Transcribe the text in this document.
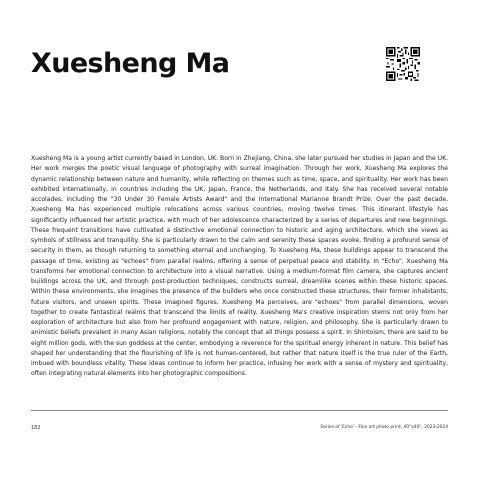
Xuesheng Ma

Xuesheng Ma is a young artist currently based in London, UK. Born in Zhejiang, China, she later pursued her studies in Japan and the UK. Her work merges the poetic visual language of photography with surreal imagination. Through her work, Xuesheng Ma explores the dynamic relationship between nature and humanity, while reflecting on themes such as time, space, and spirituality. Her work has been exhibited internationally, in countries including the UK, Japan, France, the Netherlands, and Italy. She has received several notable accolades, including the "30 Under 30 Female Artists Award" and the International Marianne Brandt Prize. Over the past decade, Xuesheng Ma has experienced multiple relocations across various countries, moving twelve times. This itinerant lifestyle has significantly influenced her artistic practice, with much of her adolescence characterized by a series of departures and new beginnings. These frequent transitions have cultivated a distinctive emotional connection to historic and aging architecture, which she views as symbols of stillness and tranquility. She is particularly drawn to the calm and serenity these spaces evoke, finding a profound sense of security in them, as though returning to something eternal and unchanging. To Xuesheng Ma, these buildings appear to transcend the passage of time, existing as "echoes" from parallel realms, offering a sense of perpetual peace and stability. In "Echo", Xuesheng Ma transforms her emotional connection to architecture into a visual narrative. Using a medium-format film camera, she captures ancient buildings across the UK, and through post-production techniques, constructs surreal, dreamlike scenes within these historic spaces. Within these environments, she imagines the presence of the builders who once constructed these structures, their former inhabitants, future visitors, and unseen spirits. These imagined figures, Xuesheng Ma perceives, are "echoes" from parallel dimensions, woven together to create fantastical realms that transcend the limits of reality. Xuesheng Ma's creative inspiration stems not only from her exploration of architecture but also from her profound engagement with nature, religion, and philosophy. She is particularly drawn to animistic beliefs prevalent in many Asian religions, notably the concept that all things possess a spirit. In Shintoism, there are said to be eight million gods, with the sun goddess at the center, embodying a reverence for the spiritual energy inherent in nature. This belief has shaped her understanding that the flourishing of life is not human-centered, but rather that nature itself is the true ruler of the Earth, imbued with boundless vitality. These ideas continue to inform her practice, infusing her work with a sense of mystery and spirituality, often integrating natural elements into her photographic compositions.

182	Series of 'Echo' - Fine art photo print, 40"x40", 2023-2024
